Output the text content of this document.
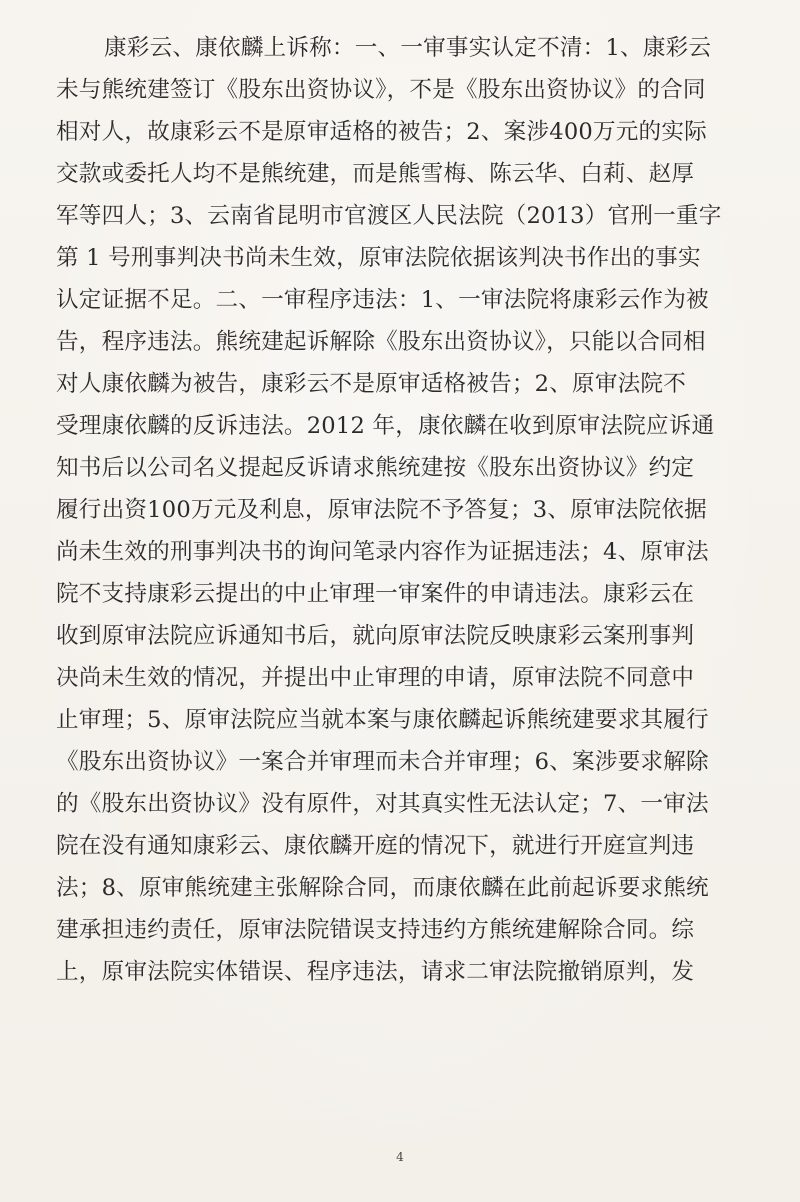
康彩云、康依麟上诉称：一、一审事实认定不清：1、康彩云
未与熊统建签订《股东出资协议》，不是《股东出资协议》的合同
相对人，故康彩云不是原审适格的被告；2、案涉400万元的实际
交款或委托人均不是熊统建，而是熊雪梅、陈云华、白莉、赵厚
军等四人；3、云南省昆明市官渡区人民法院（2013）官刑一重字
第 1 号刑事判决书尚未生效，原审法院依据该判决书作出的事实
认定证据不足。二、一审程序违法：1、一审法院将康彩云作为被
告，程序违法。熊统建起诉解除《股东出资协议》，只能以合同相
对人康依麟为被告，康彩云不是原审适格被告；2、原审法院不
受理康依麟的反诉违法。2012 年，康依麟在收到原审法院应诉通
知书后以公司名义提起反诉请求熊统建按《股东出资协议》约定
履行出资100万元及利息，原审法院不予答复；3、原审法院依据
尚未生效的刑事判决书的询问笔录内容作为证据违法；4、原审法
院不支持康彩云提出的中止审理一审案件的申请违法。康彩云在
收到原审法院应诉通知书后，就向原审法院反映康彩云案刑事判
决尚未生效的情况，并提出中止审理的申请，原审法院不同意中
止审理；5、原审法院应当就本案与康依麟起诉熊统建要求其履行
《股东出资协议》一案合并审理而未合并审理；6、案涉要求解除
的《股东出资协议》没有原件，对其真实性无法认定；7、一审法
院在没有通知康彩云、康依麟开庭的情况下，就进行开庭宣判违
法；8、原审熊统建主张解除合同，而康依麟在此前起诉要求熊统
建承担违约责任，原审法院错误支持违约方熊统建解除合同。综
上，原审法院实体错误、程序违法，请求二审法院撤销原判，发
4
